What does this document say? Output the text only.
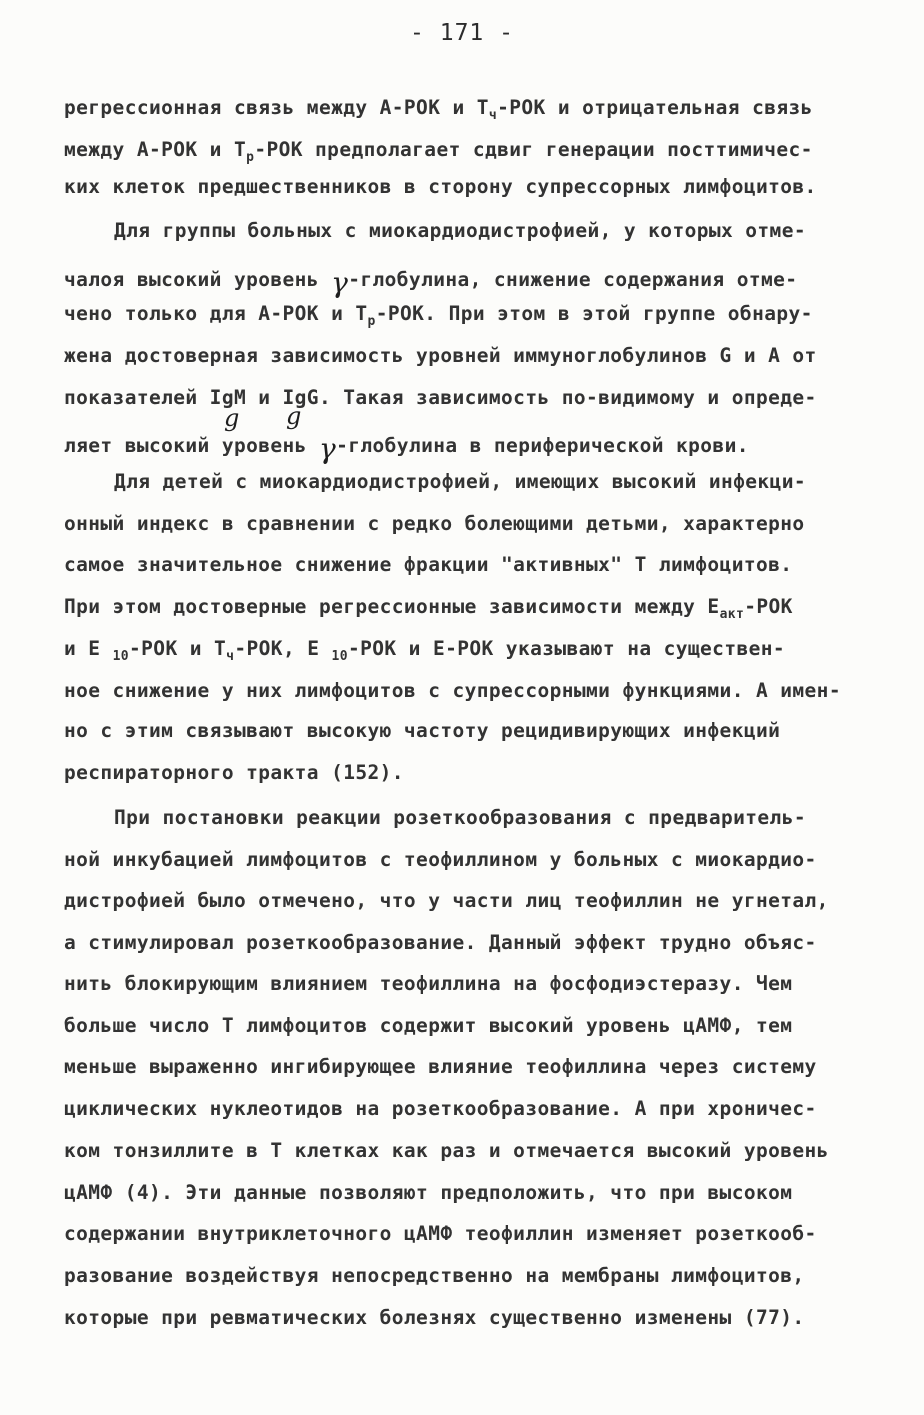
- 171 -
регрессионная связь между А-РОК и $Т_ч$-РОК и отрицательная связь
между А-РОК и $Т_р$-РОК предполагает сдвиг генерации посттимичес-
ких клеток предшественников в сторону супрессорных лимфоцитов.
Для группы больных с миокардиодистрофией, у которых отме-
чалоя высокий уровень γ-глобулина, снижение содержания отме-
чено только для А-РОК и $Т_р$-РОК. При этом в этой группе обнару-
жена достоверная зависимость уровней иммуноглобулинов G и А от
показателей IgM и IgG. Такая зависимость по-видимому и опреде-
ляет высокий уровень γ-глобулина в периферической крови.
Для детей с миокардиодистрофией, имеющих высокий инфекци-
онный индекс в сравнении с редко болеющими детьми, характерно
самое значительное снижение фракции "активных" Т лимфоцитов.
При этом достоверные регрессионные зависимости между $Е_{акт}$-РОК
и Е $_{10}$-РОК и $Т_ч$-РОК, Е $_{10}$-РОК и Е-РОК указывают на существен-
ное снижение у них лимфоцитов с супрессорными функциями. А имен-
но с этим связывают высокую частоту рецидивирующих инфекций
респираторного тракта (152).
При постановки реакции розеткообразования с предваритель-
ной инкубацией лимфоцитов с теофиллином у больных с миокардио-
дистрофией было отмечено, что у части лиц теофиллин не угнетал,
а стимулировал розеткообразование. Данный эффект трудно объяс-
нить блокирующим влиянием теофиллина на фосфодиэстеразу. Чем
больше число Т лимфоцитов содержит высокий уровень цАМФ, тем
меньше выраженно ингибирующее влияние теофиллина через систему
циклических нуклеотидов на розеткообразование. А при хроничес-
ком тонзиллите в Т клетках как раз и отмечается высокий уровень
цАМФ (4). Эти данные позволяют предположить, что при высоком
содержании внутриклеточного цАМФ теофиллин изменяет розеткооб-
разование воздействуя непосредственно на мембраны лимфоцитов,
которые при ревматических болезнях существенно изменены (77).
g g
